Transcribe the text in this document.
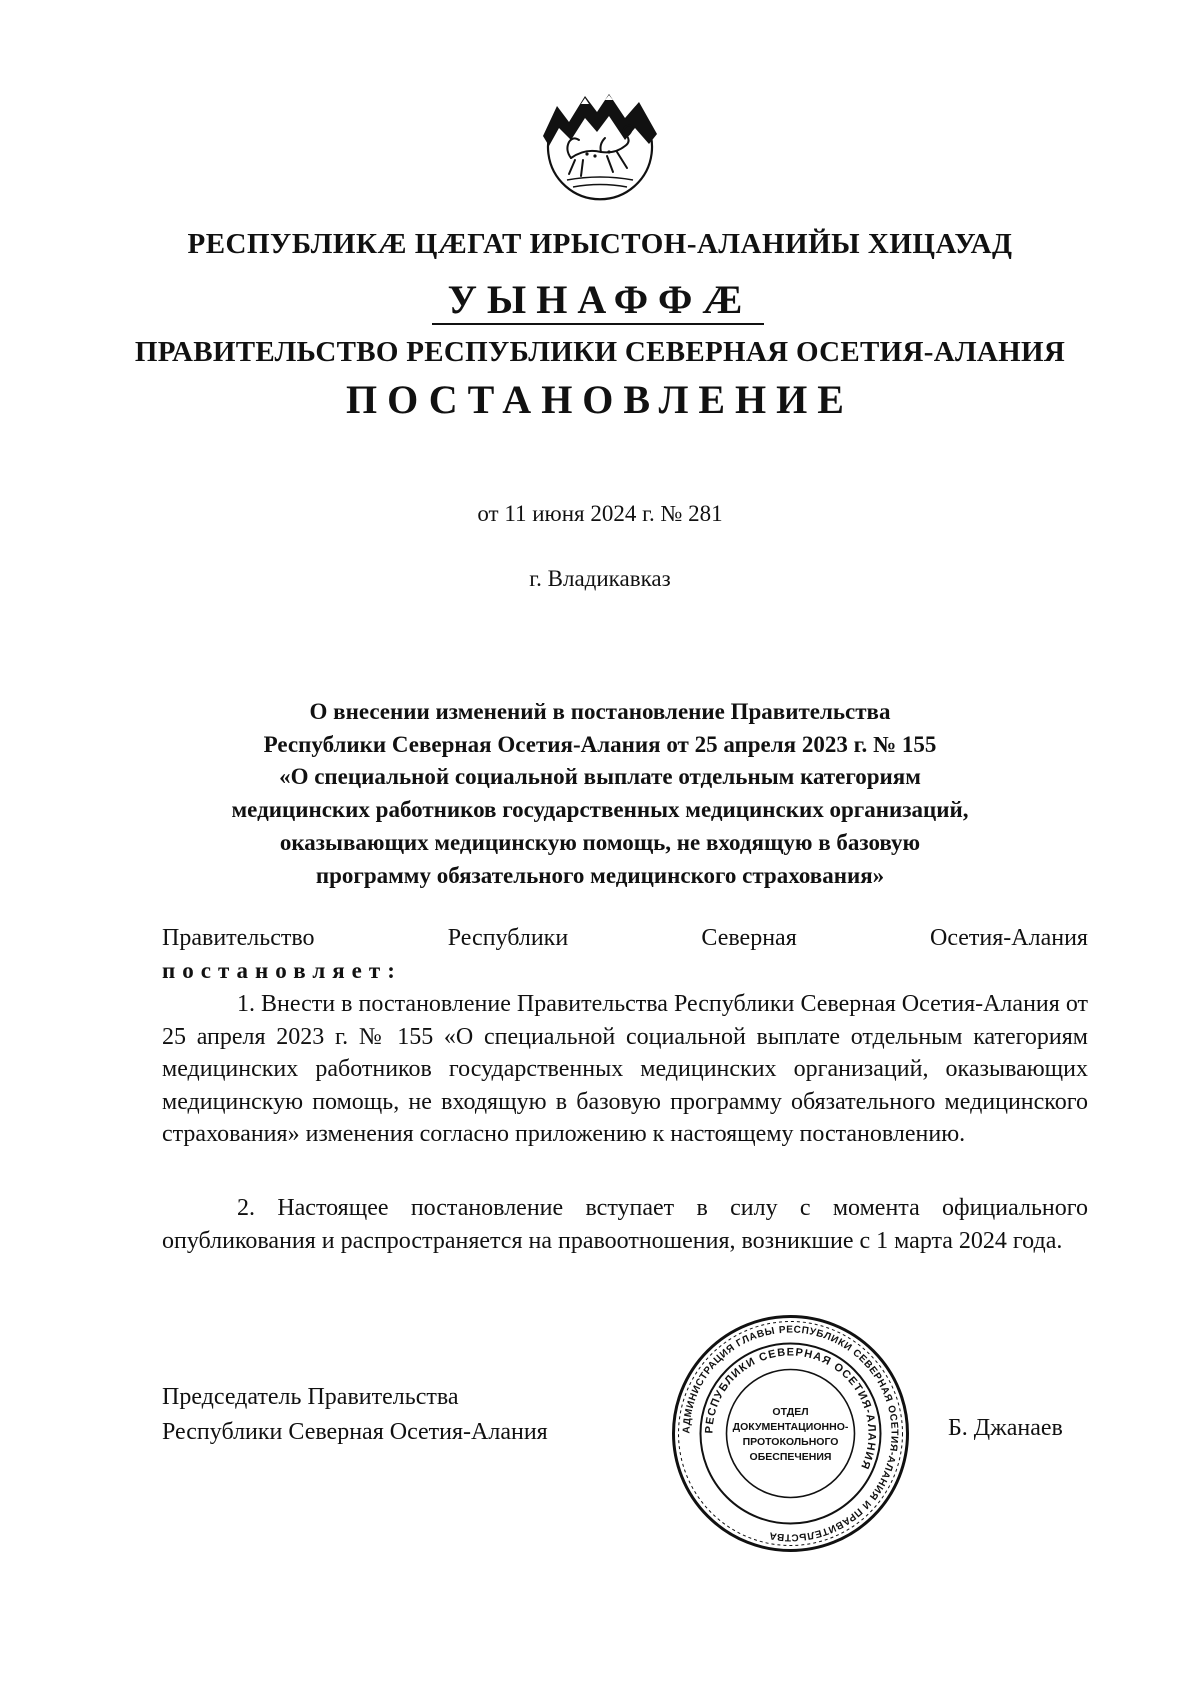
РЕСПУБЛИКӔ ЦӔГАТ ИРЫСТОН-АЛАНИЙЫ ХИЦАУАД
УЫНАФФӔ
ПРАВИТЕЛЬСТВО РЕСПУБЛИКИ СЕВЕРНАЯ ОСЕТИЯ-АЛАНИЯ
ПОСТАНОВЛЕНИЕ
от 11 июня 2024 г. № 281
г. Владикавказ
О внесении изменений в постановление Правительства
Республики Северная Осетия-Алания от 25 апреля 2023 г. № 155
«О специальной социальной выплате отдельным категориям
медицинских работников государственных медицинских организаций,
оказывающих медицинскую помощь, не входящую в базовую
программу обязательного медицинского страхования»
Правительство	Республики	Северная	Осетия-Алания
постановляет:
1. Внести в постановление Правительства Республики Северная Осетия-Алания от 25 апреля 2023 г. № 155 «О специальной социальной выплате отдельным категориям медицинских работников государственных медицинских организаций, оказывающих медицинскую помощь, не входящую в базовую программу обязательного медицинского страхования» изменения согласно приложению к настоящему постановлению.
2. Настоящее постановление вступает в силу с момента официального опубликования и распространяется на правоотношения, возникшие с 1 марта 2024 года.
Председатель Правительства
Республики Северная Осетия-Алания	АДМИНИСТРАЦИЯ ГЛАВЫ РЕСПУБЛИКИ СЕВЕРНАЯ ОСЕТИЯ-АЛАНИЯ И ПРАВИТЕЛЬСТВА
РЕСПУБЛИКИ СЕВЕРНАЯ ОСЕТИЯ-АЛАНИЯ
ОТДЕЛ
ДОКУМЕНТАЦИОННО-
ПРОТОКОЛЬНОГО
ОБЕСПЕЧЕНИЯ
Б. Джанаев
